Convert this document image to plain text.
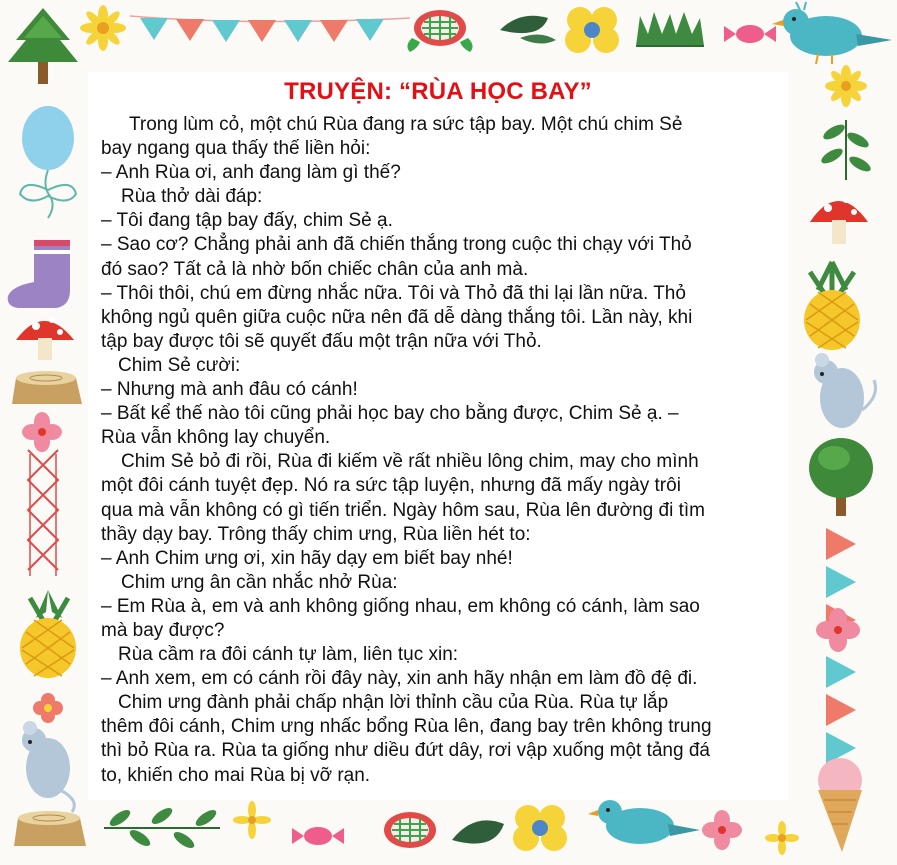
TRUYỆN: “RÙA HỌC BAY”
Trong lùm cỏ, một chú Rùa đang ra sức tập bay. Một chú chim Sẻ
bay ngang qua thấy thế liền hỏi:
– Anh Rùa ơi, anh đang làm gì thế?
Rùa thở dài đáp:
– Tôi đang tập bay đấy, chim Sẻ ạ.
– Sao cơ? Chẳng phải anh đã chiến thắng trong cuộc thi chạy với Thỏ
đó sao? Tất cả là nhờ bốn chiếc chân của anh mà.
– Thôi thôi, chú em đừng nhắc nữa. Tôi và Thỏ đã thi lại lần nữa. Thỏ
không ngủ quên giữa cuộc nữa nên đã dễ dàng thắng tôi. Lần này, khi
tập bay được tôi sẽ quyết đấu một trận nữa với Thỏ.
Chim Sẻ cười:
– Nhưng mà anh đâu có cánh!
– Bất kể thế nào tôi cũng phải học bay cho bằng được, Chim Sẻ ạ. –
Rùa vẫn không lay chuyển.
Chim Sẻ bỏ đi rồi, Rùa đi kiếm về rất nhiều lông chim, may cho mình
một đôi cánh tuyệt đẹp. Nó ra sức tập luyện, nhưng đã mấy ngày trôi
qua mà vẫn không có gì tiến triển. Ngày hôm sau, Rùa lên đường đi tìm
thầy dạy bay. Trông thấy chim ưng, Rùa liền hét to:
– Anh Chim ưng ơi, xin hãy dạy em biết bay nhé!
Chim ưng ân cần nhắc nhở Rùa:
– Em Rùa à, em và anh không giống nhau, em không có cánh, làm sao
mà bay được?
Rùa cầm ra đôi cánh tự làm, liên tục xin:
– Anh xem, em có cánh rồi đây này, xin anh hãy nhận em làm đồ đệ đi.
Chim ưng đành phải chấp nhận lời thỉnh cầu của Rùa. Rùa tự lắp
thêm đôi cánh, Chim ưng nhấc bổng Rùa lên, đang bay trên không trung
thì bỏ Rùa ra. Rùa ta giống như diều đứt dây, rơi vập xuống một tảng đá
to, khiến cho mai Rùa bị vỡ rạn.
